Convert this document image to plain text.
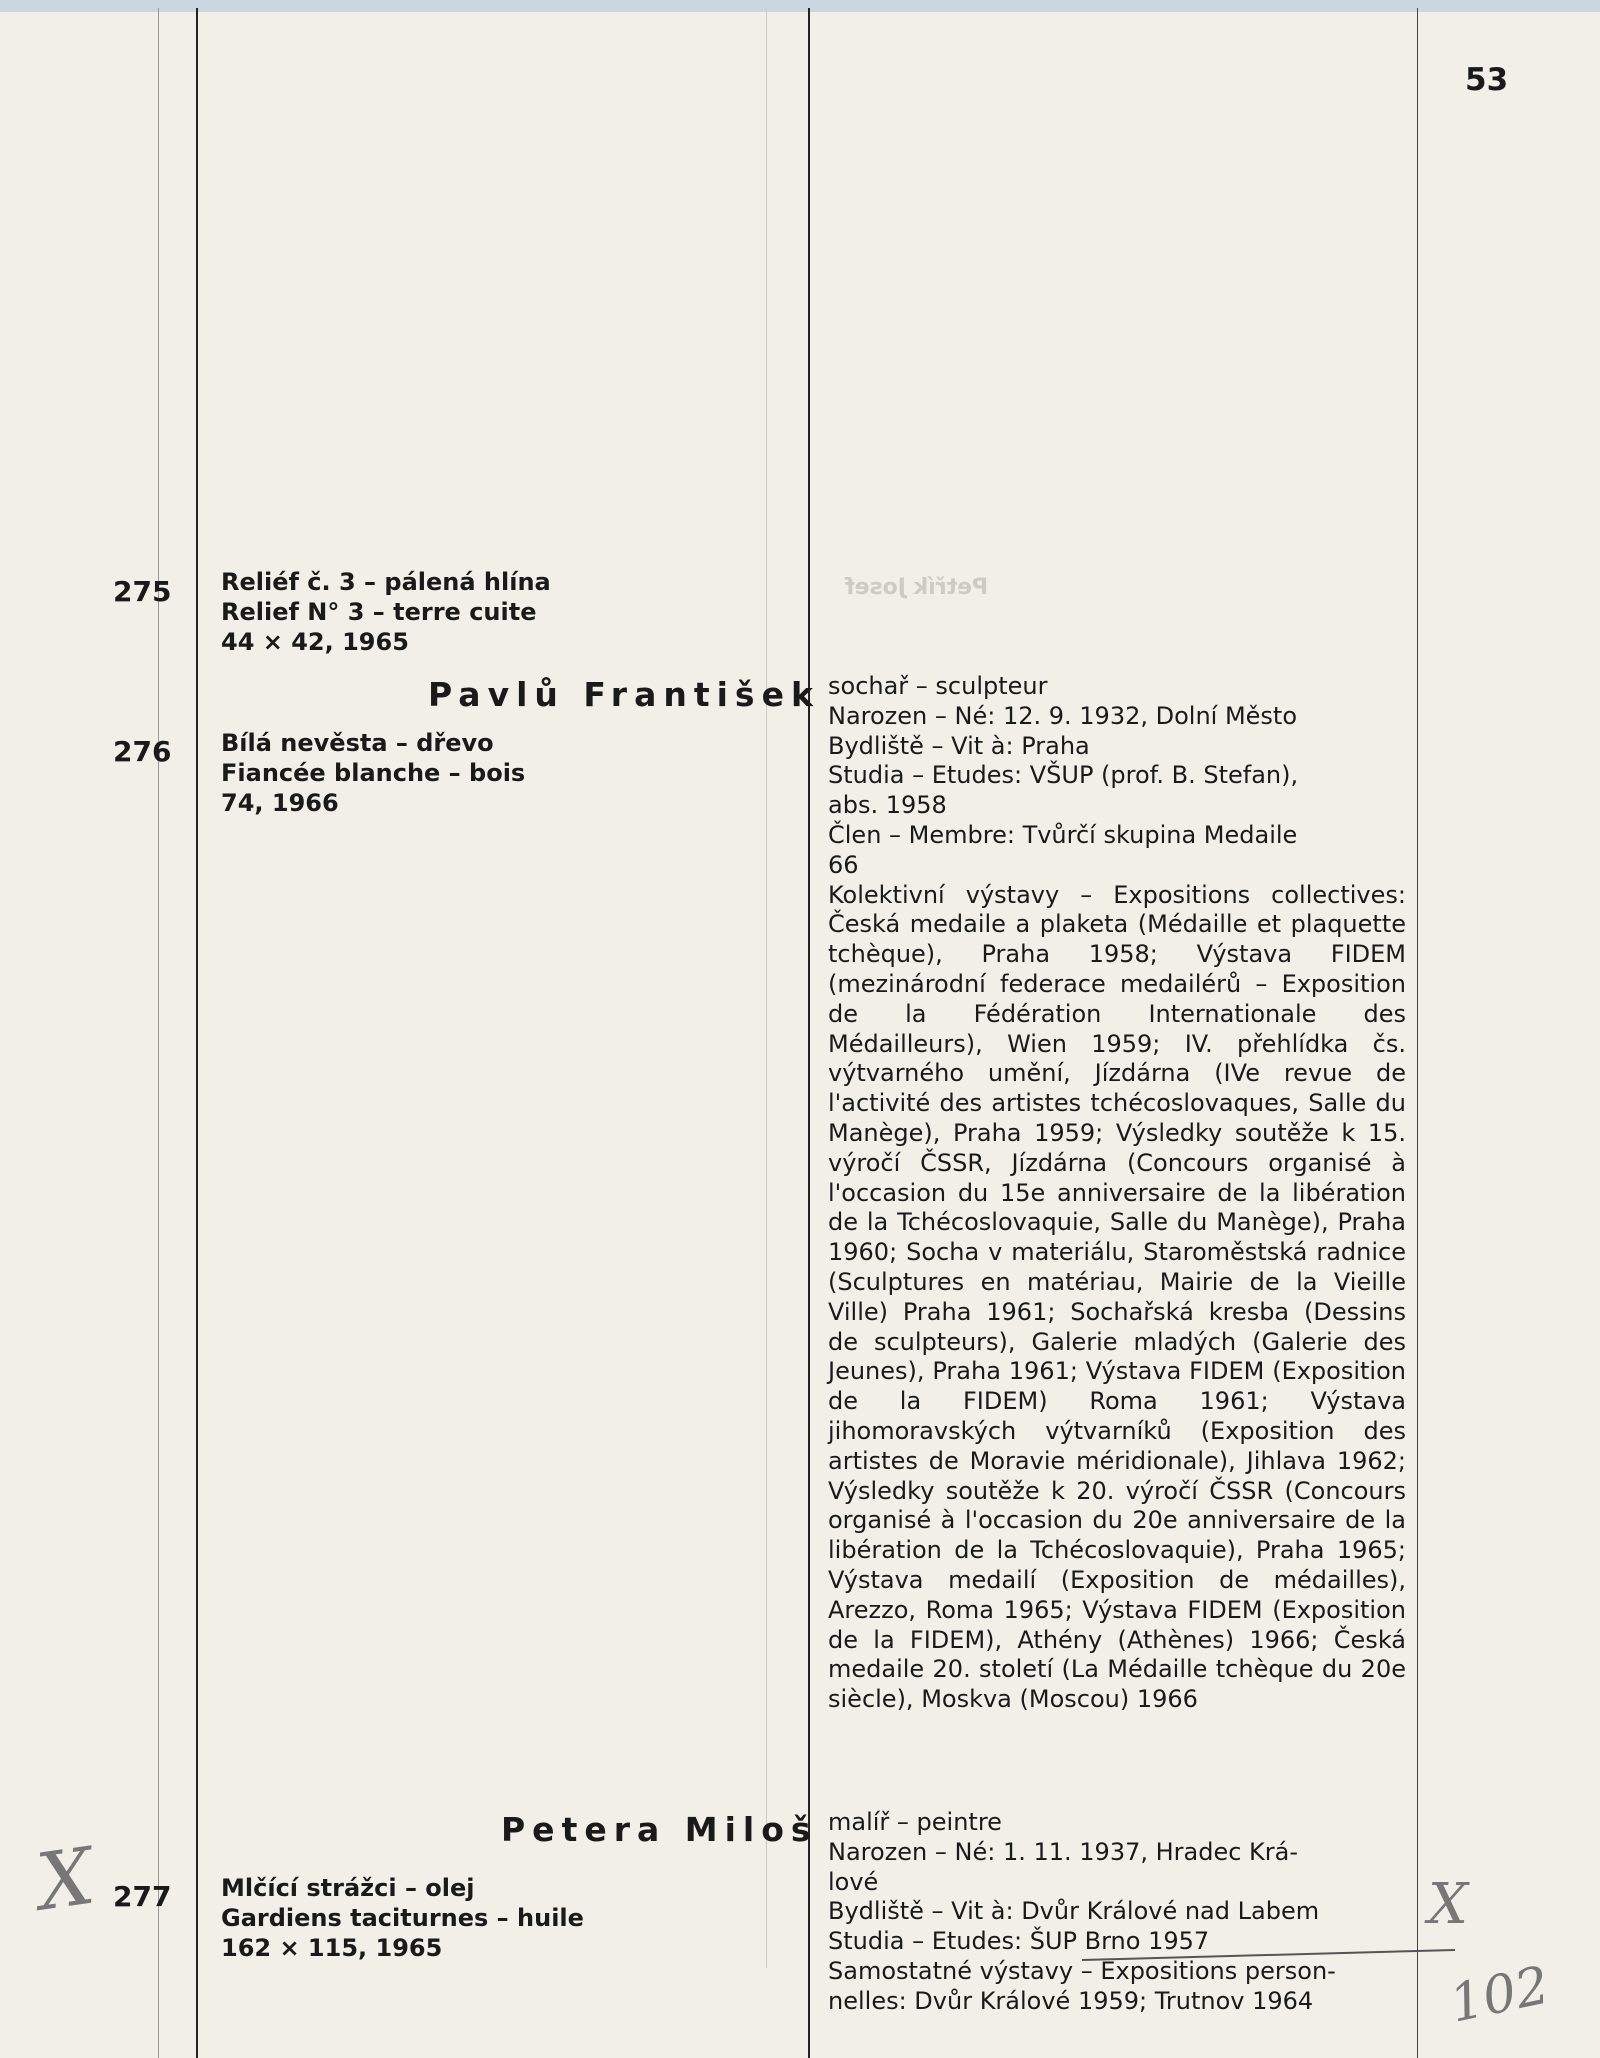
Petřík Josef
53
275 Reliéf č. 3 – pálená hlína
Relief N° 3 – terre cuite
44 × 42, 1965
Pavlů František
276 Bílá nevěsta – dřevo
Fiancée blanche – bois
74, 1966
sochař – sculpteur
Narozen – Né: 12. 9. 1932, Dolní Město
Bydliště – Vit à: Praha
Studia – Etudes: VŠUP (prof. B. Stefan),
abs. 1958
Člen – Membre: Tvůrčí skupina Medaile
66
Kolektivní výstavy – Expositions collectives: Česká medaile a plaketa (Médaille et plaquette tchèque), Praha 1958; Výstava FIDEM (mezinárodní federace medailérů – Exposition de la Fédération Internationale des Médailleurs), Wien 1959; IV. přehlídka čs. výtvarného umění, Jízdárna (IVe revue de l'activité des artistes tchécoslovaques, Salle du Manège), Praha 1959; Výsledky soutěže k 15. výročí ČSSR, Jízdárna (Concours organisé à l'occasion du 15e anniversaire de la libération de la Tchécoslovaquie, Salle du Manège), Praha 1960; Socha v materiálu, Staroměstská radnice (Sculptures en matériau, Mairie de la Vieille Ville) Praha 1961; Sochařská kresba (Dessins de sculpteurs), Galerie mladých (Galerie des Jeunes), Praha 1961; Výstava FIDEM (Exposition de la FIDEM) Roma 1961; Výstava jihomoravských výtvarníků (Exposition des artistes de Moravie méridionale), Jihlava 1962; Výsledky soutěže k 20. výročí ČSSR (Concours organisé à l'occasion du 20e anniversaire de la libération de la Tchécoslovaquie), Praha 1965; Výstava medailí (Exposition de médailles), Arezzo, Roma 1965; Výstava FIDEM (Exposition de la FIDEM), Athény (Athènes) 1966; Česká medaile 20. století (La Médaille tchèque du 20e siècle), Moskva (Moscou) 1966
Petera Miloš malíř – peintre
Narozen – Né: 1. 11. 1937, Hradec Krá-
lové
Bydliště – Vit à: Dvůr Králové nad Labem
Studia – Etudes: ŠUP Brno 1957
Samostatné výstavy – Expositions person-
nelles: Dvůr Králové 1959; Trutnov 1964
277 Mlčící strážci – olej
Gardiens taciturnes – huile
162 × 115, 1965
X	X
102
